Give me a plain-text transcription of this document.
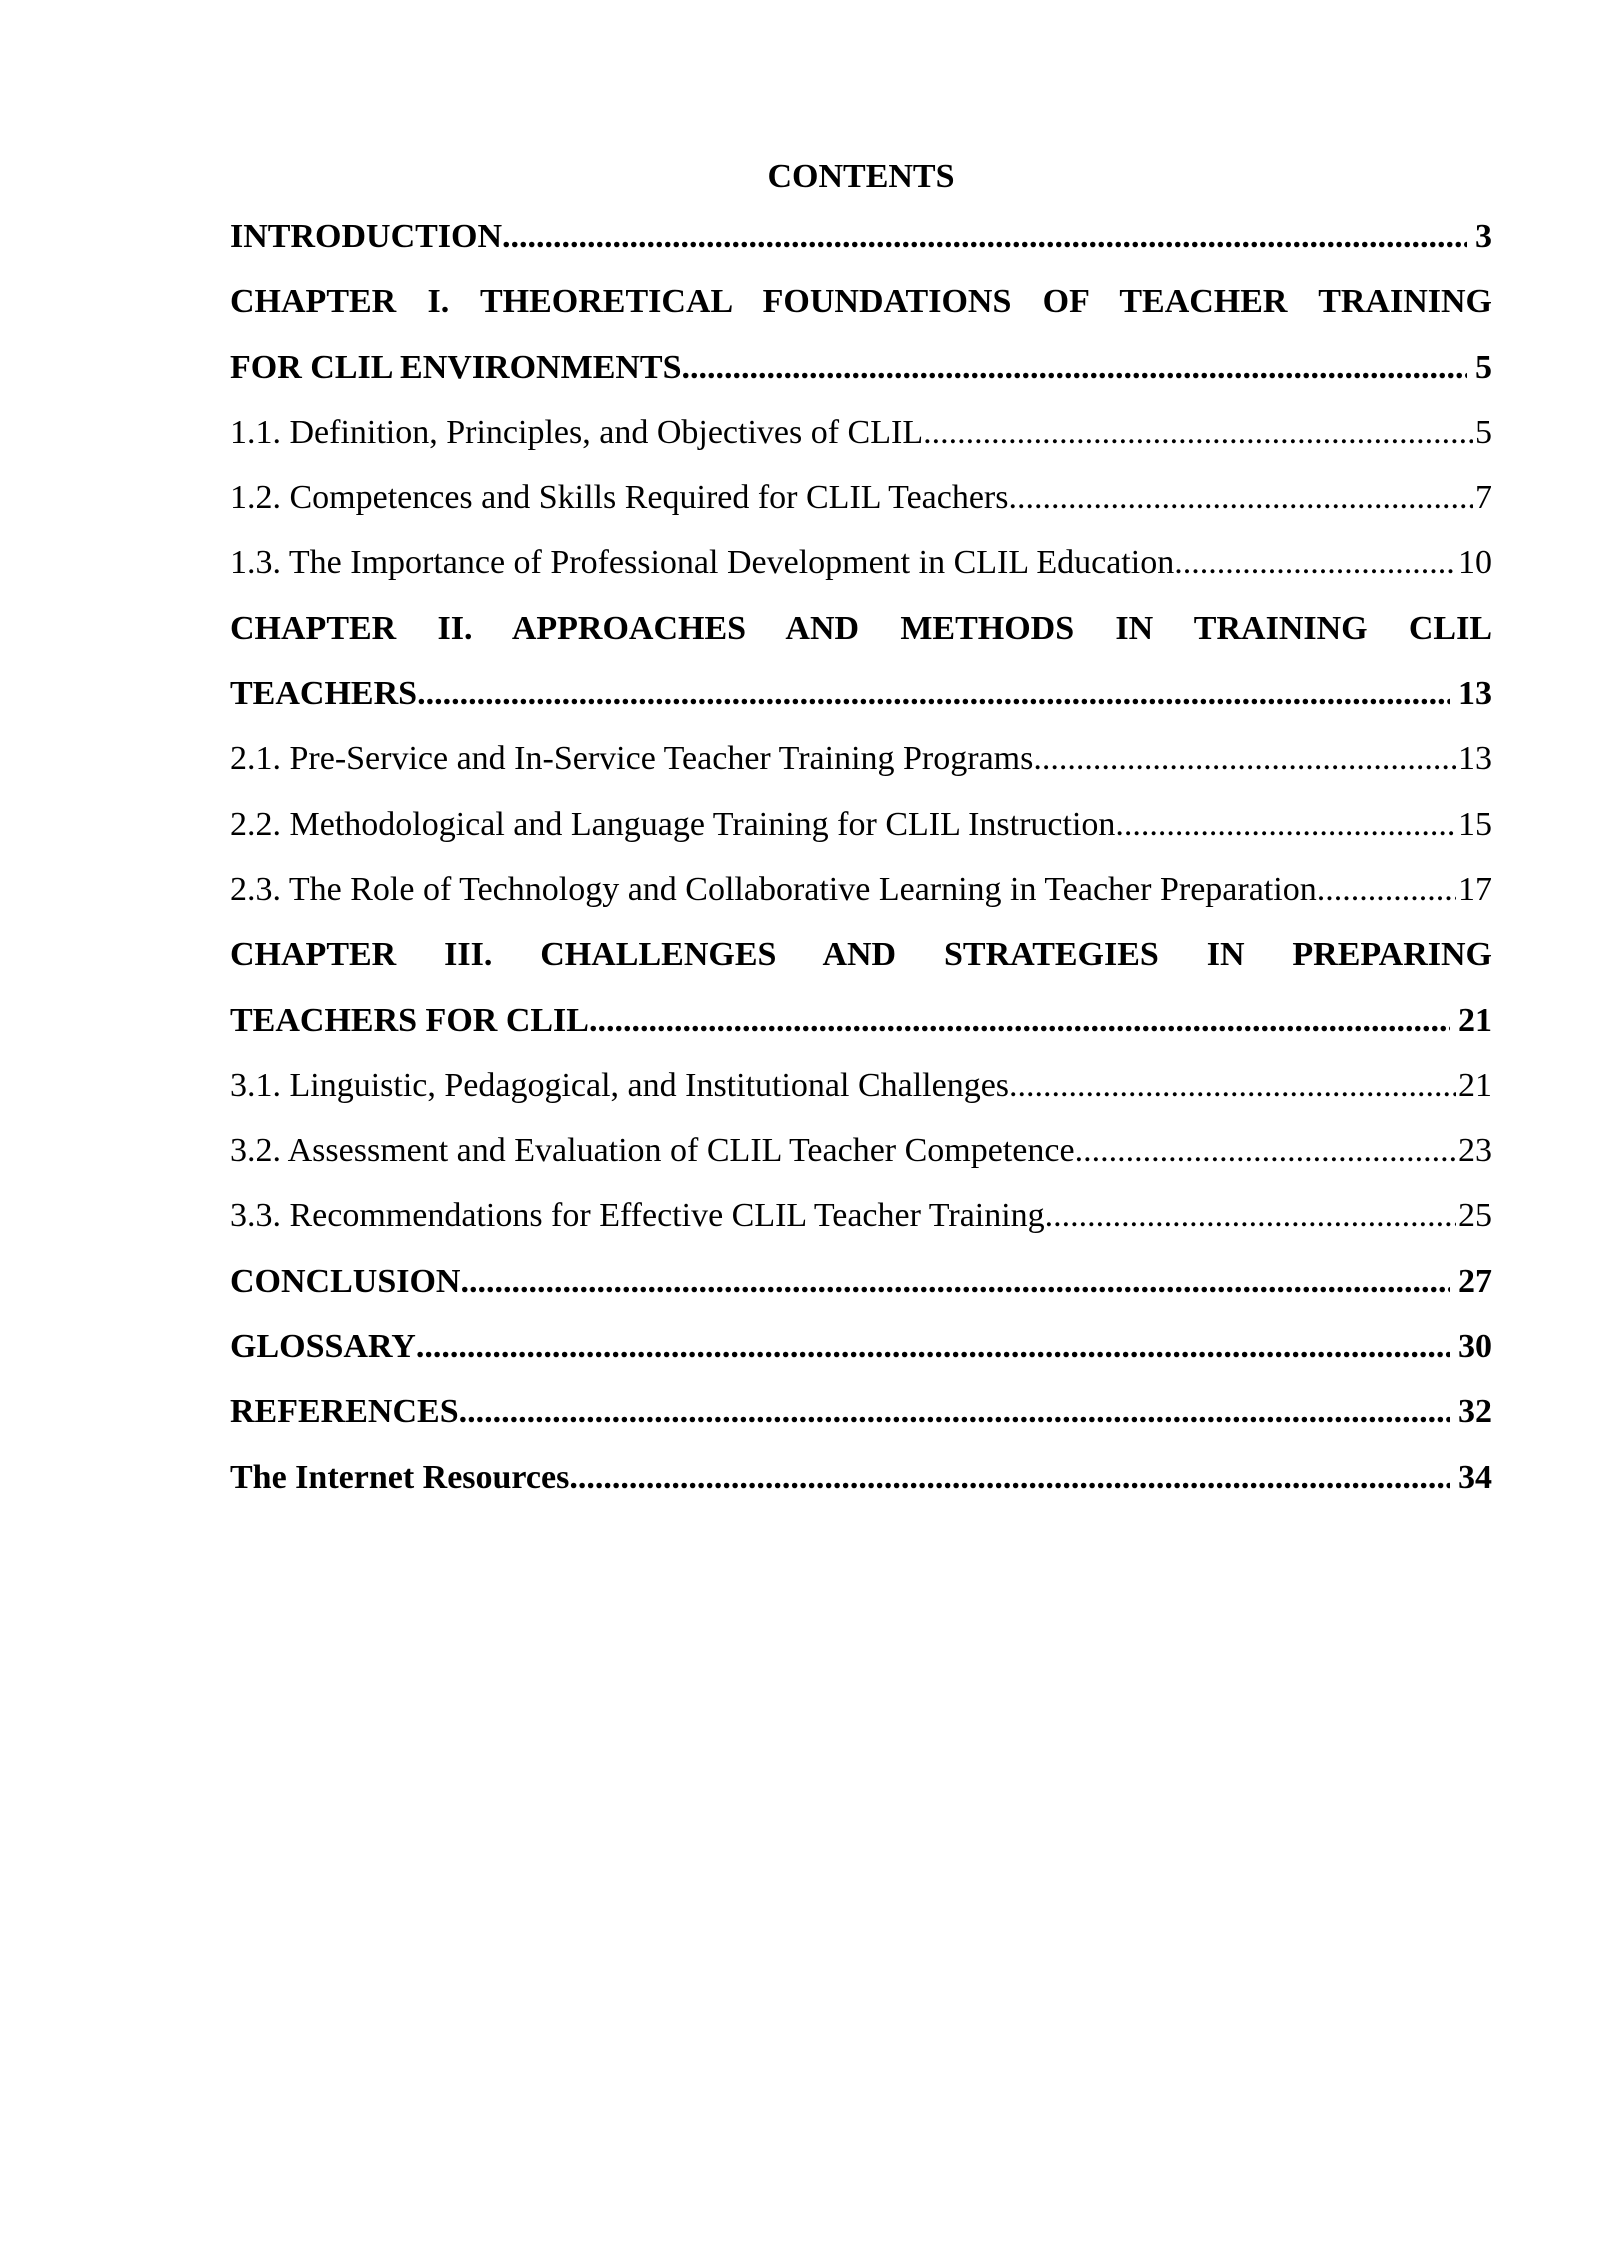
CONTENTS
INTRODUCTION .....	3
CHAPTER I. THEORETICAL FOUNDATIONS OF TEACHER TRAINING
FOR CLIL ENVIRONMENTS .....	5
1.1. Definition, Principles, and Objectives of CLIL .....	5
1.2. Competences and Skills Required for CLIL Teachers .....	7
1.3. The Importance of Professional Development in CLIL Education .....	10
CHAPTER II. APPROACHES AND METHODS IN TRAINING CLIL
TEACHERS .....	13
2.1. Pre-Service and In-Service Teacher Training Programs .....	13
2.2. Methodological and Language Training for CLIL Instruction .....	15
2.3. The Role of Technology and Collaborative Learning in Teacher Preparation .....	17
CHAPTER III. CHALLENGES AND STRATEGIES IN PREPARING
TEACHERS FOR CLIL .....	21
3.1. Linguistic, Pedagogical, and Institutional Challenges .....	21
3.2. Assessment and Evaluation of CLIL Teacher Competence .....	23
3.3. Recommendations for Effective CLIL Teacher Training .....	25
CONCLUSION .....	27
GLOSSARY .....	30
REFERENCES .....	32
The Internet Resources .....	34
